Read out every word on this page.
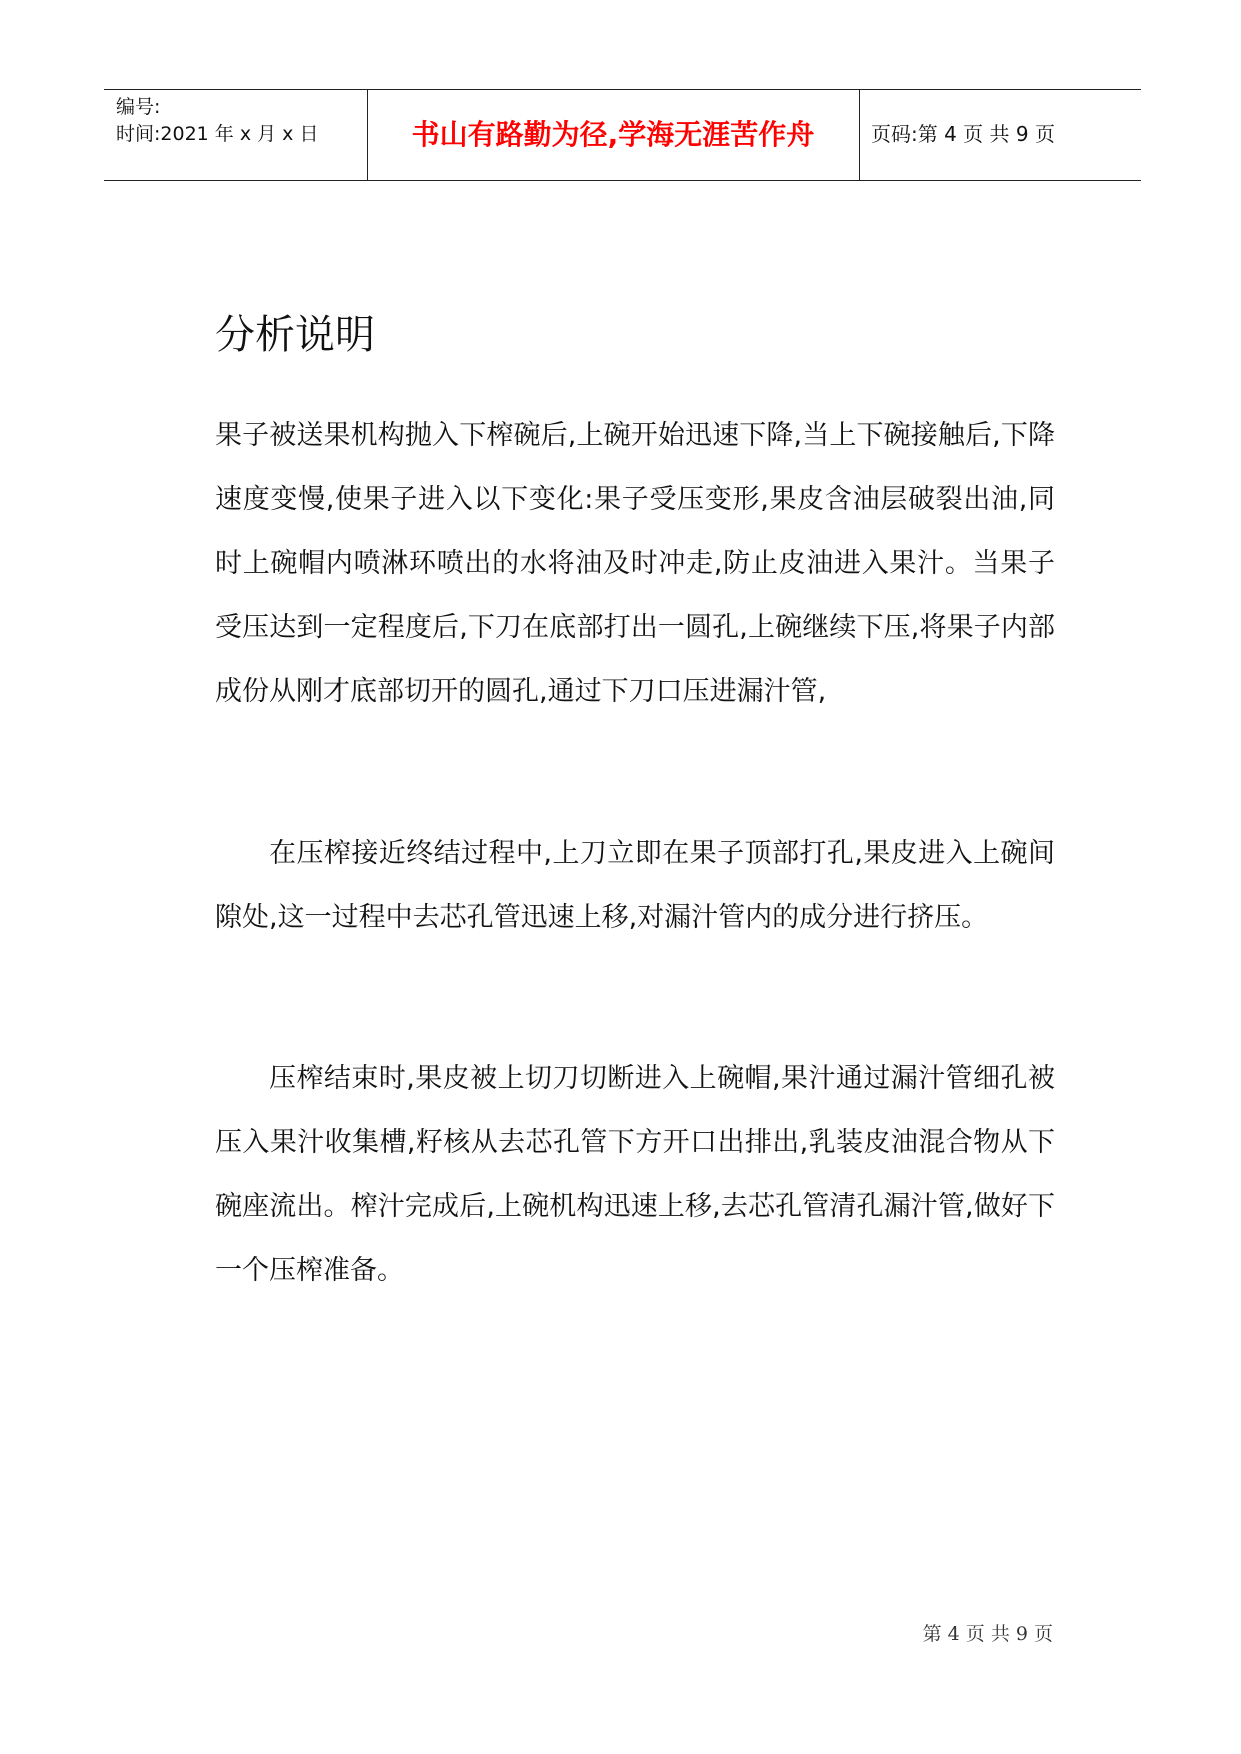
编号:
时间:2021 年 x 月 x 日	书山有路勤为径,学海无涯苦作舟	页码:第 4 页 共 9 页
分析说明

果子被送果机构抛入下榨碗后,上碗开始迅速下降,当上下碗接触后,下降速度变慢,使果子进入以下变化:果子受压变形,果皮含油层破裂出油,同时上碗帽内喷淋环喷出的水将油及时冲走,防止皮油进入果汁。当果子受压达到一定程度后,下刀在底部打出一圆孔,上碗继续下压,将果子内部成份从刚才底部切开的圆孔,通过下刀口压进漏汁管,

在压榨接近终结过程中,上刀立即在果子顶部打孔,果皮进入上碗间隙处,这一过程中去芯孔管迅速上移,对漏汁管内的成分进行挤压。

压榨结束时,果皮被上切刀切断进入上碗帽,果汁通过漏汁管细孔被压入果汁收集槽,籽核从去芯孔管下方开口出排出,乳装皮油混合物从下碗座流出。榨汁完成后,上碗机构迅速上移,去芯孔管清孔漏汁管,做好下一个压榨准备。

第 4 页 共 9 页
